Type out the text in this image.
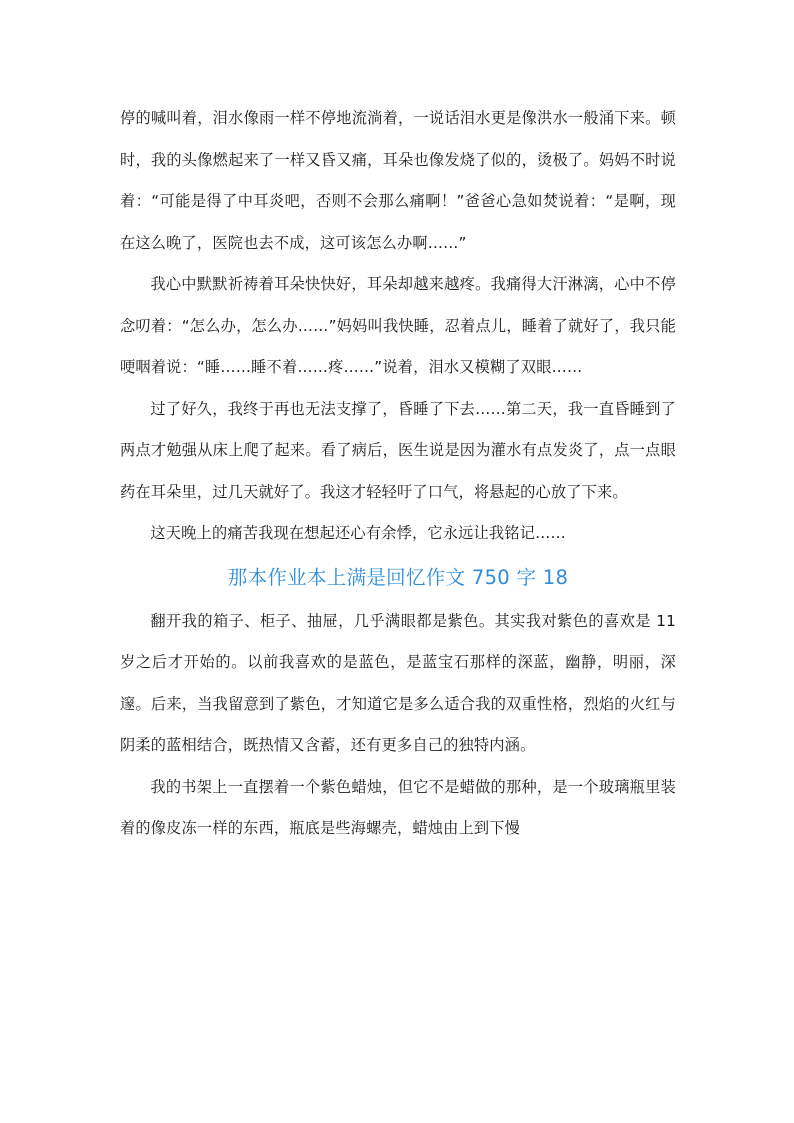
停的喊叫着，泪水像雨一样不停地流淌着，一说话泪水更是像洪水一般涌下来。顿时，我的头像燃起来了一样又昏又痛，耳朵也像发烧了似的，烫极了。妈妈不时说着：“可能是得了中耳炎吧，否则不会那么痛啊！”爸爸心急如焚说着：“是啊，现在这么晚了，医院也去不成，这可该怎么办啊……”

我心中默默祈祷着耳朵快快好，耳朵却越来越疼。我痛得大汗淋漓，心中不停念叨着：“怎么办，怎么办……”妈妈叫我快睡，忍着点儿，睡着了就好了，我只能哽咽着说：“睡……睡不着……疼……”说着，泪水又模糊了双眼……

过了好久，我终于再也无法支撑了，昏睡了下去……第二天，我一直昏睡到了两点才勉强从床上爬了起来。看了病后，医生说是因为灌水有点发炎了，点一点眼药在耳朵里，过几天就好了。我这才轻轻吁了口气，将悬起的心放了下来。

这天晚上的痛苦我现在想起还心有余悸，它永远让我铭记……

那本作业本上满是回忆作文 750 字 18

翻开我的箱子、柜子、抽屉，几乎满眼都是紫色。其实我对紫色的喜欢是 11 岁之后才开始的。以前我喜欢的是蓝色，是蓝宝石那样的深蓝，幽静，明丽，深邃。后来，当我留意到了紫色，才知道它是多么适合我的双重性格，烈焰的火红与阴柔的蓝相结合，既热情又含蓄，还有更多自己的独特内涵。

我的书架上一直摆着一个紫色蜡烛，但它不是蜡做的那种，是一个玻璃瓶里装着的像皮冻一样的东西，瓶底是些海螺壳，蜡烛由上到下慢
